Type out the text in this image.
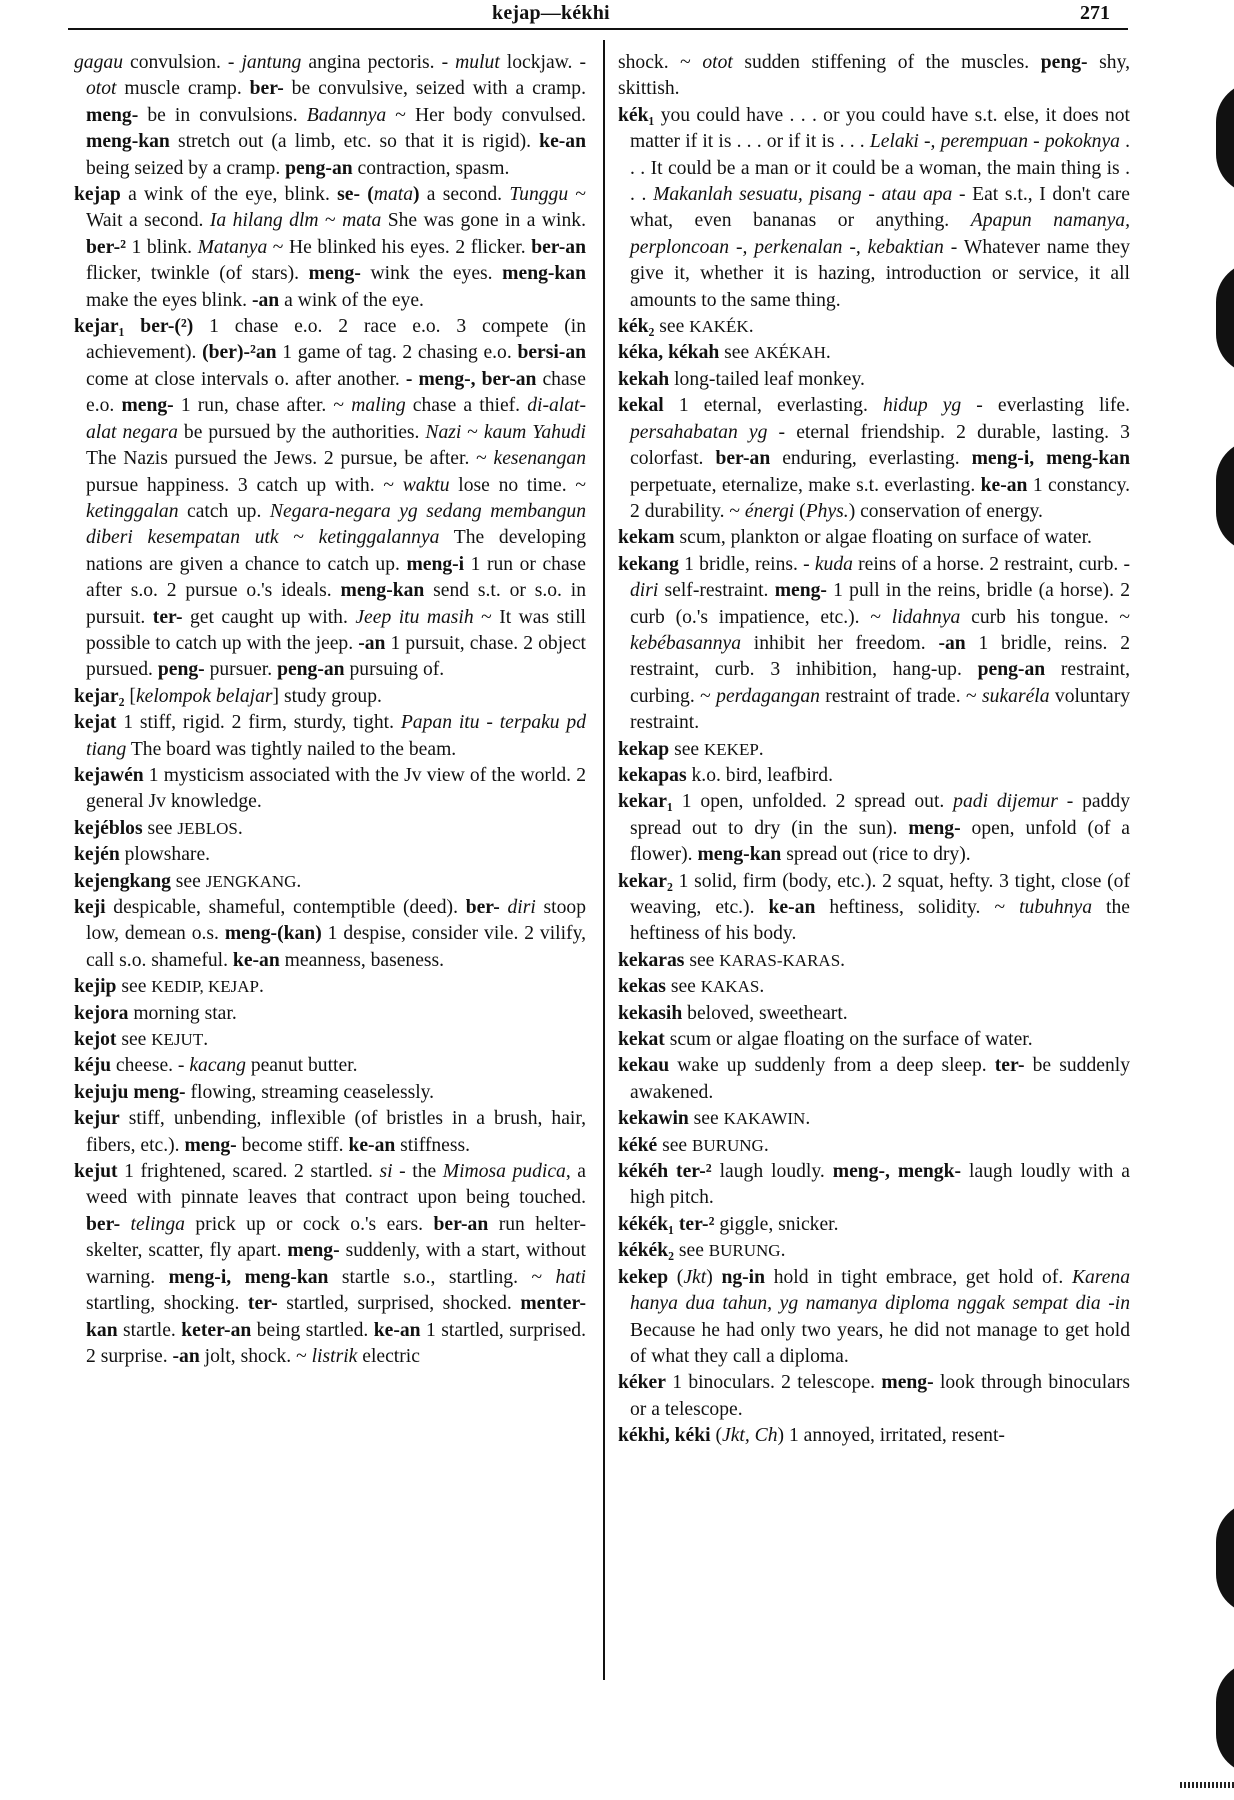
kejap—kékhi	271

gagau convulsion. - jantung angina pectoris. - mulut lockjaw. - otot muscle cramp. ber- be convulsive, seized with a cramp. meng- be in convulsions. Badannya ~ Her body convulsed. meng-kan stretch out (a limb, etc. so that it is rigid). ke-an being seized by a cramp. peng-an contraction, spasm.

kejap a wink of the eye, blink. se- (mata) a second. Tunggu ~ Wait a second. Ia hilang dlm ~ mata She was gone in a wink. ber-² 1 blink. Matanya ~ He blinked his eyes. 2 flicker. ber-an flicker, twinkle (of stars). meng- wink the eyes. meng-kan make the eyes blink. -an a wink of the eye.

kejar₁ ber-(²) 1 chase e.o. 2 race e.o. 3 compete (in achievement). (ber)-²an 1 game of tag. 2 chasing e.o. bersi-an come at close intervals o. after another. - meng-, ber-an chase e.o. meng- 1 run, chase after. ~ maling chase a thief. di-alat-alat negara be pursued by the authorities. Nazi ~ kaum Yahudi The Nazis pursued the Jews. 2 pursue, be after. ~ kesenangan pursue happiness. 3 catch up with. ~ waktu lose no time. ~ ketinggalan catch up. Negara-negara yg sedang membangun diberi kesempatan utk ~ ketinggalannya The developing nations are given a chance to catch up. meng-i 1 run or chase after s.o. 2 pursue o.'s ideals. meng-kan send s.t. or s.o. in pursuit. ter- get caught up with. Jeep itu masih ~ It was still possible to catch up with the jeep. -an 1 pursuit, chase. 2 object pursued. peng- pursuer. peng-an pursuing of.

kejar₂ [kelompok belajar] study group.

kejat 1 stiff, rigid. 2 firm, sturdy, tight. Papan itu - terpaku pd tiang The board was tightly nailed to the beam.

kejawén 1 mysticism associated with the Jv view of the world. 2 general Jv knowledge.

kejéblos see JEBLOS.

kején plowshare.

kejengkang see JENGKANG.

keji despicable, shameful, contemptible (deed). ber- diri stoop low, demean o.s. meng-(kan) 1 despise, consider vile. 2 vilify, call s.o. shameful. ke-an meanness, baseness.

kejip see KEDIP, KEJAP.

kejora morning star.

kejot see KEJUT.

kéju cheese. - kacang peanut butter.

kejuju meng- flowing, streaming ceaselessly.

kejur stiff, unbending, inflexible (of bristles in a brush, hair, fibers, etc.). meng- become stiff. ke-an stiffness.

kejut 1 frightened, scared. 2 startled. si - the Mimosa pudica, a weed with pinnate leaves that contract upon being touched. ber- telinga prick up or cock o.'s ears. ber-an run helter-skelter, scatter, fly apart. meng- suddenly, with a start, without warning. meng-i, meng-kan startle s.o., startling. ~ hati startling, shocking. ter- startled, surprised, shocked. menter-kan startle. keter-an being startled. ke-an 1 startled, surprised. 2 surprise. -an jolt, shock. ~ listrik electric

shock. ~ otot sudden stiffening of the muscles. peng- shy, skittish.

kék₁ you could have . . . or you could have s.t. else, it does not matter if it is . . . or if it is . . . Lelaki -, perempuan - pokoknya . . . It could be a man or it could be a woman, the main thing is . . . Makanlah sesuatu, pisang - atau apa - Eat s.t., I don't care what, even bananas or anything. Apapun namanya, perploncoan -, perkenalan -, kebaktian - Whatever name they give it, whether it is hazing, introduction or service, it all amounts to the same thing.

kék₂ see KAKÉK.

kéka, kékah see AKÉKAH.

kekah long-tailed leaf monkey.

kekal 1 eternal, everlasting. hidup yg - everlasting life. persahabatan yg - eternal friendship. 2 durable, lasting. 3 colorfast. ber-an enduring, everlasting. meng-i, meng-kan perpetuate, eternalize, make s.t. everlasting. ke-an 1 constancy. 2 durability. ~ énergi (Phys.) conservation of energy.

kekam scum, plankton or algae floating on surface of water.

kekang 1 bridle, reins. - kuda reins of a horse. 2 restraint, curb. - diri self-restraint. meng- 1 pull in the reins, bridle (a horse). 2 curb (o.'s impatience, etc.). ~ lidahnya curb his tongue. ~ kebébasannya inhibit her freedom. -an 1 bridle, reins. 2 restraint, curb. 3 inhibition, hang-up. peng-an restraint, curbing. ~ perdagangan restraint of trade. ~ sukaréla voluntary restraint.

kekap see KEKEP.

kekapas k.o. bird, leafbird.

kekar₁ 1 open, unfolded. 2 spread out. padi dijemur - paddy spread out to dry (in the sun). meng- open, unfold (of a flower). meng-kan spread out (rice to dry).

kekar₂ 1 solid, firm (body, etc.). 2 squat, hefty. 3 tight, close (of weaving, etc.). ke-an heftiness, solidity. ~ tubuhnya the heftiness of his body.

kekaras see KARAS-KARAS.

kekas see KAKAS.

kekasih beloved, sweetheart.

kekat scum or algae floating on the surface of water.

kekau wake up suddenly from a deep sleep. ter- be suddenly awakened.

kekawin see KAKAWIN.

kéké see BURUNG.

kékéh ter-² laugh loudly. meng-, mengk- laugh loudly with a high pitch.

kékék₁ ter-² giggle, snicker.

kékék₂ see BURUNG.

kekep (Jkt) ng-in hold in tight embrace, get hold of. Karena hanya dua tahun, yg namanya diploma nggak sempat dia -in Because he had only two years, he did not manage to get hold of what they call a diploma.

kéker 1 binoculars. 2 telescope. meng- look through binoculars or a telescope.

kékhi, kéki (Jkt, Ch) 1 annoyed, irritated, resent-
